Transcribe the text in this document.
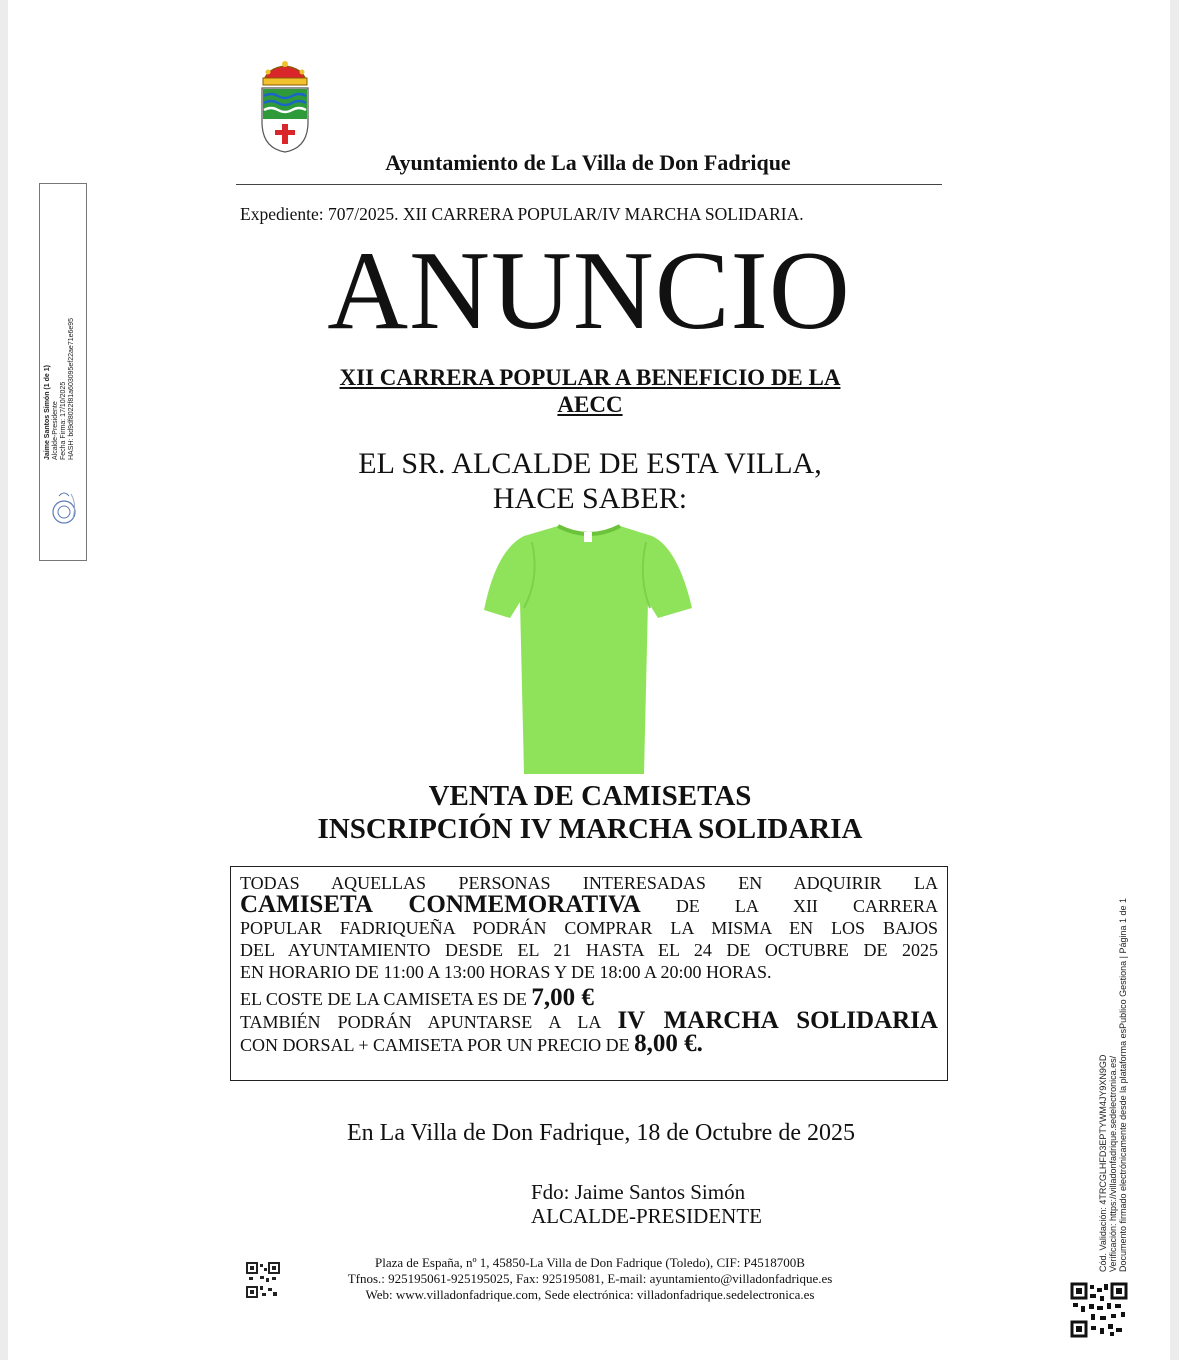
Ayuntamiento de La Villa de Don Fadrique
Expediente: 707/2025. XII CARRERA POPULAR/IV MARCHA SOLIDARIA.
ANUNCIO
XII CARRERA POPULAR A BENEFICIO DE LA
AECC
EL SR. ALCALDE DE ESTA VILLA,
HACE SABER:
VENTA DE CAMISETAS
INSCRIPCIÓN IV MARCHA SOLIDARIA
TODAS AQUELLAS PERSONAS INTERESADAS EN ADQUIRIR LA
CAMISETA CONMEMORATIVA DE LA XII CARRERA
POPULAR FADRIQUEÑA PODRÁN COMPRAR LA MISMA EN LOS BAJOS
DEL AYUNTAMIENTO DESDE EL 21 HASTA EL 24 DE OCTUBRE DE 2025
EN HORARIO DE 11:00 A 13:00 HORAS Y DE 18:00 A 20:00 HORAS.
EL COSTE DE LA CAMISETA ES DE 7,00 €
TAMBIÉN PODRÁN APUNTARSE A LA IV MARCHA SOLIDARIA
CON DORSAL + CAMISETA POR UN PRECIO DE 8,00 €.
En La Villa de Don Fadrique, 18 de Octubre de 2025
Fdo: Jaime Santos Simón
ALCALDE-PRESIDENTE
Plaza de España, nº 1, 45850-La Villa de Don Fadrique (Toledo), CIF: P4518700B
Tfnos.: 925195061-925195025, Fax: 925195081, E-mail: ayuntamiento@villadonfadrique.es
Web: www.villadonfadrique.com, Sede electrónica: villadonfadrique.sedelectronica.es
Jaime Santos Simón (1 de 1) Alcalde-Presidente Fecha Firma: 17/10/2025 HASH: bd9df8022f81a603095ef22ae71e6e95
Cód. Validación: 4TRCGLHFD3EPTYWM4JY9XN9GD Verificación: https://villadonfadrique.sedelectronica.es/ Documento firmado electrónicamente desde la plataforma esPublico Gestiona | Página 1 de 1
